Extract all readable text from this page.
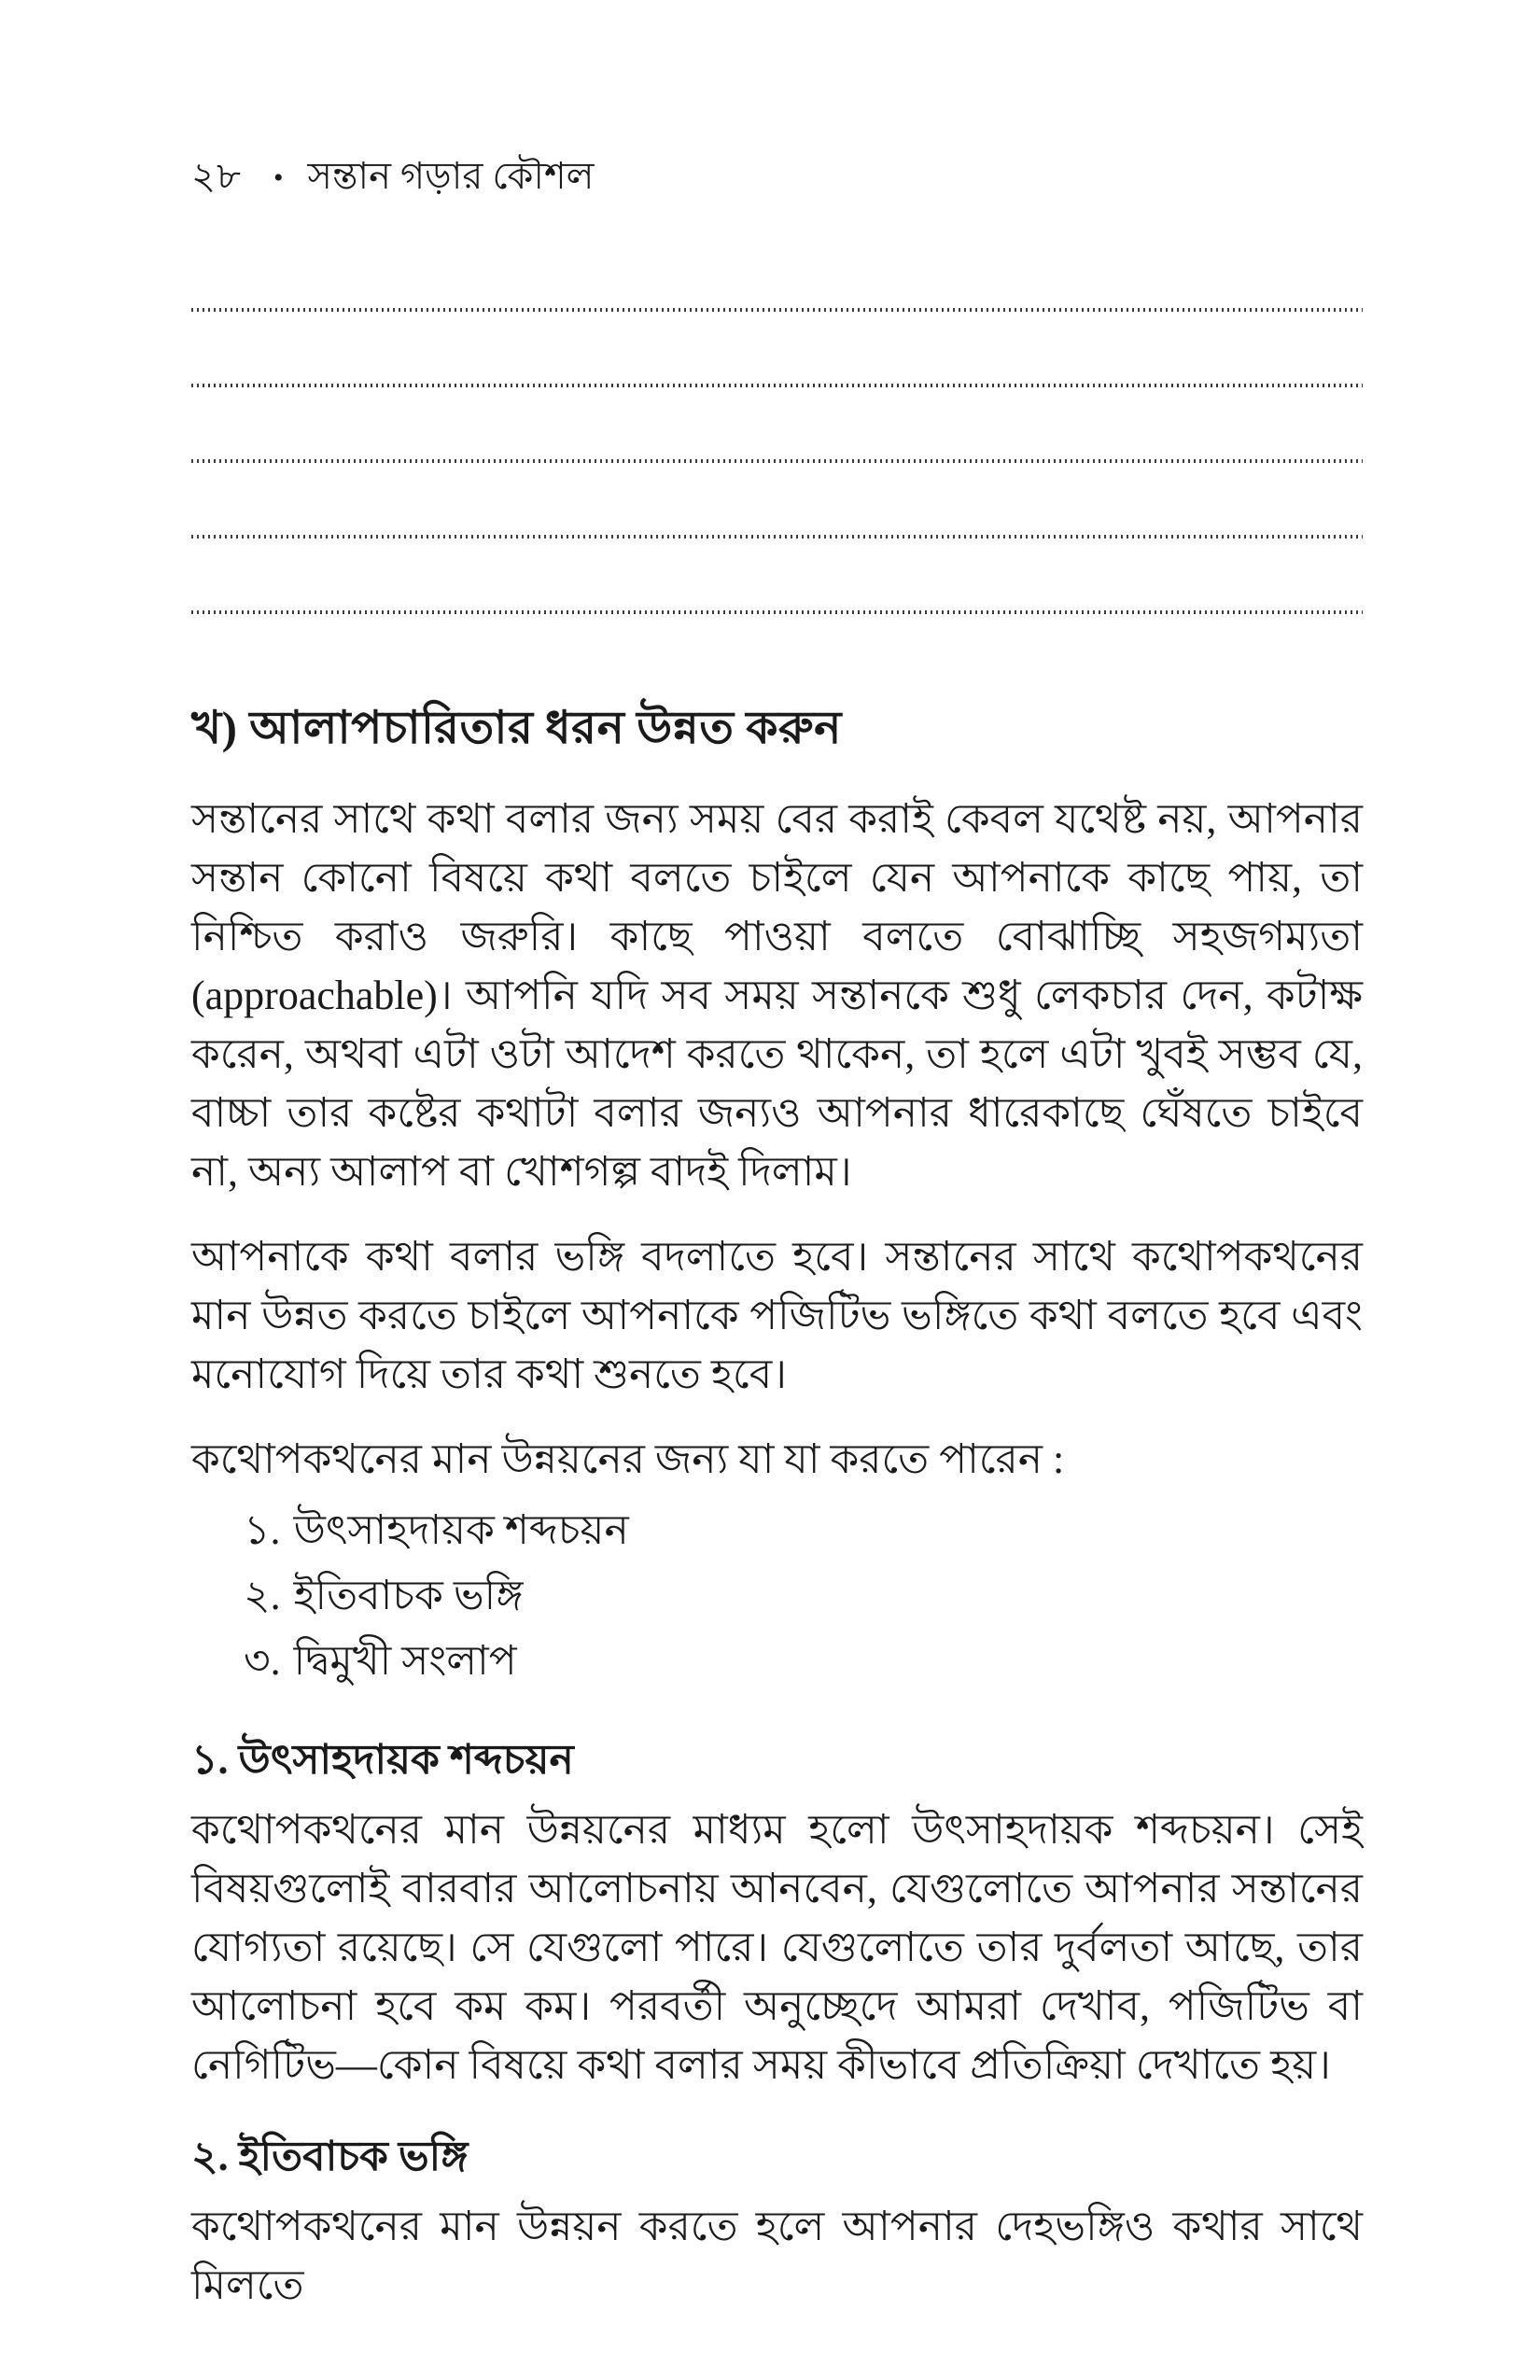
২৮ • সন্তান গড়ার কৌশল
খ) আলাপচারিতার ধরন উন্নত করুন

সন্তানের সাথে কথা বলার জন্য সময় বের করাই কেবল যথেষ্ট নয়, আপনার সন্তান কোনো বিষয়ে কথা বলতে চাইলে যেন আপনাকে কাছে পায়, তা নিশ্চিত করাও জরুরি। কাছে পাওয়া বলতে বোঝাচ্ছি সহজগম্যতা (approachable)। আপনি যদি সব সময় সন্তানকে শুধু লেকচার দেন, কটাক্ষ করেন, অথবা এটা ওটা আদেশ করতে থাকেন, তা হলে এটা খুবই সম্ভব যে, বাচ্চা তার কষ্টের কথাটা বলার জন্যও আপনার ধারেকাছে ঘেঁষতে চাইবে না, অন্য আলাপ বা খোশগল্প বাদই দিলাম।

আপনাকে কথা বলার ভঙ্গি বদলাতে হবে। সন্তানের সাথে কথোপকথনের মান উন্নত করতে চাইলে আপনাকে পজিটিভ ভঙ্গিতে কথা বলতে হবে এবং মনোযোগ দিয়ে তার কথা শুনতে হবে।

কথোপকথনের মান উন্নয়নের জন্য যা যা করতে পারেন :

১. উৎসাহদায়ক শব্দচয়ন
২. ইতিবাচক ভঙ্গি
৩. দ্বিমুখী সংলাপ
১. উৎসাহদায়ক শব্দচয়ন

কথোপকথনের মান উন্নয়নের মাধ্যম হলো উৎসাহদায়ক শব্দচয়ন। সেই বিষয়গুলোই বারবার আলোচনায় আনবেন, যেগুলোতে আপনার সন্তানের যোগ্যতা রয়েছে। সে যেগুলো পারে। যেগুলোতে তার দুর্বলতা আছে, তার আলোচনা হবে কম কম। পরবর্তী অনুচ্ছেদে আমরা দেখাব, পজিটিভ বা নেগিটিভ—কোন বিষয়ে কথা বলার সময় কীভাবে প্রতিক্রিয়া দেখাতে হয়।

২. ইতিবাচক ভঙ্গি

কথোপকথনের মান উন্নয়ন করতে হলে আপনার দেহভঙ্গিও কথার সাথে মিলতে
